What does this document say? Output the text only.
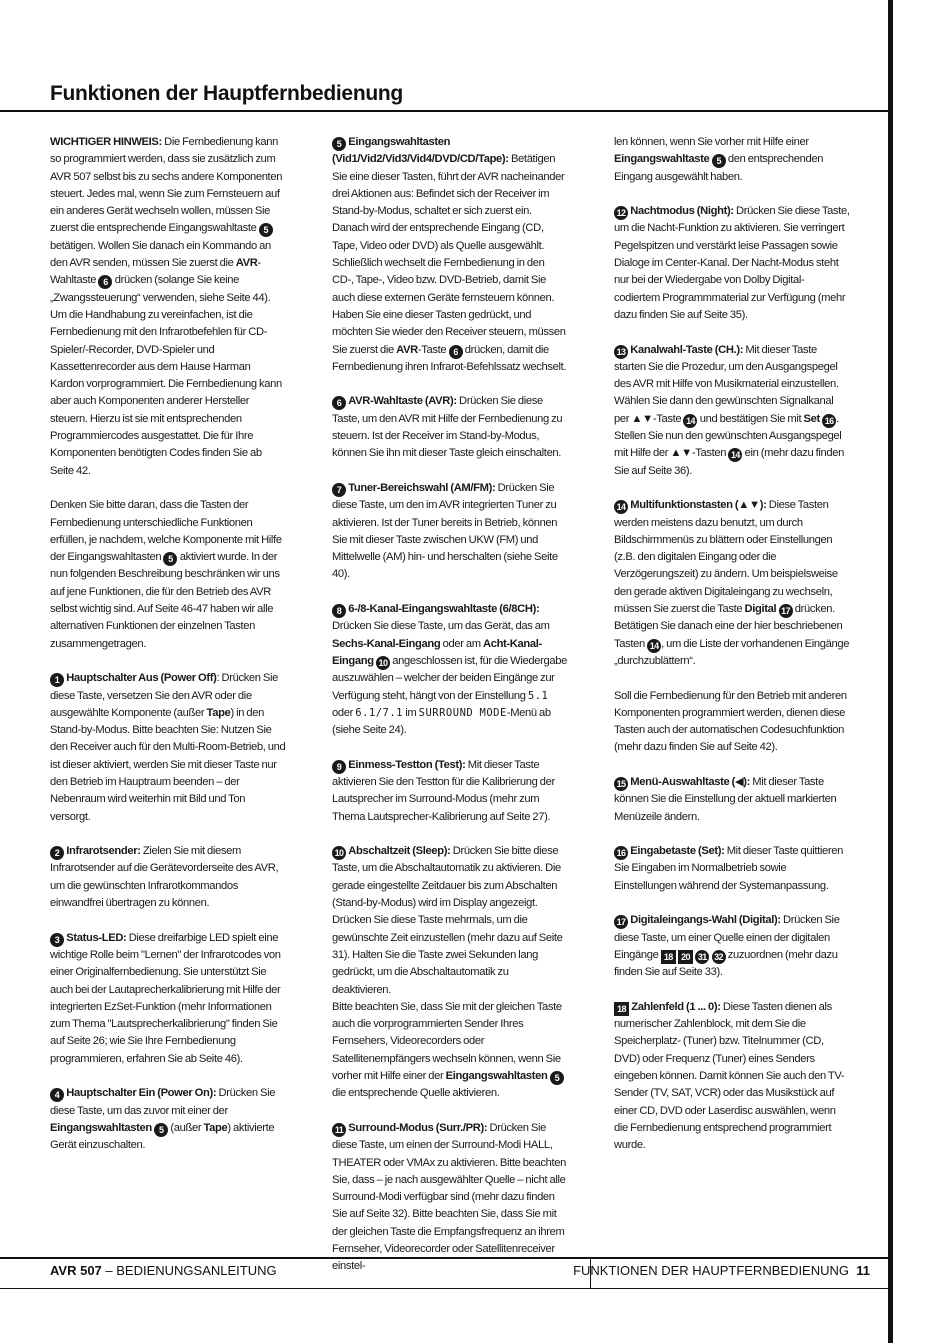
Funktionen der Hauptfernbedienung

WICHTIGER HINWEIS: Die Fernbedienung kann so programmiert werden, dass sie zusätzlich zum AVR 507 selbst bis zu sechs andere Komponenten steuert. Jedes mal, wenn Sie zum Fernsteuern auf ein anderes Gerät wechseln wollen, müssen Sie zuerst die entsprechende Eingangswahltaste 5 betätigen. Wollen Sie danach ein Kommando an den AVR senden, müssen Sie zuerst die AVR-Wahltaste 6 drücken (solange Sie keine „Zwangssteuerung“ verwenden, siehe Seite 44).
Um die Handhabung zu vereinfachen, ist die Fernbedienung mit den Infrarotbefehlen für CD-Spieler/-Recorder, DVD-Spieler und Kassettenrecorder aus dem Hause Harman Kardon vorprogrammiert. Die Fernbedienung kann aber auch Komponenten anderer Hersteller steuern. Hierzu ist sie mit entsprechenden Programmiercodes ausgestattet. Die für Ihre Komponenten benötigten Codes finden Sie ab Seite 42.

Denken Sie bitte daran, dass die Tasten der Fernbedienung unterschiedliche Funktionen erfüllen, je nachdem, welche Komponente mit Hilfe der Eingangswahltasten 5 aktiviert wurde. In der nun folgenden Beschreibung beschränken wir uns auf jene Funktionen, die für den Betrieb des AVR selbst wichtig sind. Auf Seite 46-47 haben wir alle alternativen Funktionen der einzelnen Tasten zusammengetragen.

1 Hauptschalter Aus (Power Off): Drücken Sie diese Taste, versetzen Sie den AVR oder die ausgewählte Komponente (außer Tape) in den Stand-by-Modus. Bitte beachten Sie: Nutzen Sie den Receiver auch für den Multi-Room-Betrieb, und ist dieser aktiviert, werden Sie mit dieser Taste nur den Betrieb im Hauptraum beenden – der Nebenraum wird weiterhin mit Bild und Ton versorgt.

2 Infrarotsender: Zielen Sie mit diesem Infrarotsender auf die Gerätevorderseite des AVR, um die gewünschten Infrarotkommandos einwandfrei übertragen zu können.

3 Status-LED: Diese dreifarbige LED spielt eine wichtige Rolle beim "Lernen" der Infrarotcodes von einer Originalfernbedienung. Sie unterstützt Sie auch bei der Lautaprecherkalibrierung mit Hilfe der integrierten EzSet-Funktion (mehr Informationen zum Thema "Lautsprecherkalibrierung" finden Sie auf Seite 26; wie Sie Ihre Fernbedienung programmieren, erfahren Sie ab Seite 46).

4 Hauptschalter Ein (Power On): Drücken Sie diese Taste, um das zuvor mit einer der Eingangswahltasten 5 (außer Tape) aktivierte Gerät einzuschalten.

5 Eingangswahltasten (Vid1/Vid2/Vid3/Vid4/DVD/CD/Tape): Betätigen Sie eine dieser Tasten, führt der AVR nacheinander drei Aktionen aus: Befindet sich der Receiver im Stand-by-Modus, schaltet er sich zuerst ein. Danach wird der entsprechende Eingang (CD, Tape, Video oder DVD) als Quelle ausgewählt. Schließlich wechselt die Fernbedienung in den CD-, Tape-, Video bzw. DVD-Betrieb, damit Sie auch diese externen Geräte fernsteuern können. Haben Sie eine dieser Tasten gedrückt, und möchten Sie wieder den Receiver steuern, müssen Sie zuerst die AVR-Taste 6 drücken, damit die Fernbedienung ihren Infrarot-Befehlssatz wechselt.

6 AVR-Wahltaste (AVR): Drücken Sie diese Taste, um den AVR mit Hilfe der Fernbedienung zu steuern. Ist der Receiver im Stand-by-Modus, können Sie ihn mit dieser Taste gleich einschalten.

7 Tuner-Bereichswahl (AM/FM): Drücken Sie diese Taste, um den im AVR integrierten Tuner zu aktivieren. Ist der Tuner bereits in Betrieb, können Sie mit dieser Taste zwischen UKW (FM) und Mittelwelle (AM) hin- und herschalten (siehe Seite 40).

8 6-/8-Kanal-Eingangswahltaste (6/8CH): Drücken Sie diese Taste, um das Gerät, das am Sechs-Kanal-Eingang oder am Acht-Kanal-Eingang 10 angeschlossen ist, für die Wiedergabe auszuwählen – welcher der beiden Eingänge zur Verfügung steht, hängt von der Einstellung 5.1 oder 6.1/7.1 im SURROUND MODE-Menü ab (siehe Seite 24).

9 Einmess-Testton (Test): Mit dieser Taste aktivieren Sie den Testton für die Kalibrierung der Lautsprecher im Surround-Modus (mehr zum Thema Lautsprecher-Kalibrierung auf Seite 27).

10 Abschaltzeit (Sleep): Drücken Sie bitte diese Taste, um die Abschaltautomatik zu aktivieren. Die gerade eingestellte Zeitdauer bis zum Abschalten (Stand-by-Modus) wird im Display angezeigt. Drücken Sie diese Taste mehrmals, um die gewünschte Zeit einzustellen (mehr dazu auf Seite 31). Halten Sie die Taste zwei Sekunden lang gedrückt, um die Abschaltautomatik zu deaktivieren.
Bitte beachten Sie, dass Sie mit der gleichen Taste auch die vorprogrammierten Sender Ihres Fernsehers, Videorecorders oder Satellitenempfängers wechseln können, wenn Sie vorher mit Hilfe einer der Eingangswahltasten 5 die entsprechende Quelle aktivieren.

11 Surround-Modus (Surr./PR): Drücken Sie diese Taste, um einen der Surround-Modi HALL, THEATER oder VMAx zu aktivieren. Bitte beachten Sie, dass – je nach ausgewählter Quelle – nicht alle Surround-Modi verfügbar sind (mehr dazu finden Sie auf Seite 32). Bitte beachten Sie, dass Sie mit der gleichen Taste die Empfangsfrequenz an ihrem Fernseher, Videorecorder oder Satellitenreceiver einstel-

len können, wenn Sie vorher mit Hilfe einer Eingangswahltaste 5 den entsprechenden Eingang ausgewählt haben.

12 Nachtmodus (Night): Drücken Sie diese Taste, um die Nacht-Funktion zu aktivieren. Sie verringert Pegelspitzen und verstärkt leise Passagen sowie Dialoge im Center-Kanal. Der Nacht-Modus steht nur bei der Wiedergabe von Dolby Digital-codiertem Programmmaterial zur Verfügung (mehr dazu finden Sie auf Seite 35).

13 Kanalwahl-Taste (CH.): Mit dieser Taste starten Sie die Prozedur, um den Ausgangspegel des AVR mit Hilfe von Musikmaterial einzustellen. Wählen Sie dann den gewünschten Signalkanal per ▲▼-Taste 14 und bestätigen Sie mit Set 16 . Stellen Sie nun den gewünschten Ausgangspegel mit Hilfe der ▲▼-Tasten 14 ein (mehr dazu finden Sie auf Seite 36).

14 Multifunktionstasten (▲▼): Diese Tasten werden meistens dazu benutzt, um durch Bildschirmmenüs zu blättern oder Einstellungen (z.B. den digitalen Eingang oder die Verzögerungszeit) zu ändern. Um beispielsweise den gerade aktiven Digitaleingang zu wechseln, müssen Sie zuerst die Taste Digital 17 drücken. Betätigen Sie danach eine der hier beschriebenen Tasten 14 , um die Liste der vorhandenen Eingänge „durchzublättern“.

Soll die Fernbedienung für den Betrieb mit anderen Komponenten programmiert werden, dienen diese Tasten auch der automatischen Codesuchfunktion (mehr dazu finden Sie auf Seite 42).

15 Menü-Auswahltaste (◀): Mit dieser Taste können Sie die Einstellung der aktuell markierten Menüzeile ändern.

16 Eingabetaste (Set): Mit dieser Taste quittieren Sie Eingaben im Normalbetrieb sowie Einstellungen während der Systemanpassung.

17 Digitaleingangs-Wahl (Digital): Drücken Sie diese Taste, um einer Quelle einen der digitalen Eingänge 18 20 31 32 zuzuordnen (mehr dazu finden Sie auf Seite 33).

18 Zahlenfeld (1 ... 0): Diese Tasten dienen als numerischer Zahlenblock, mit dem Sie die Speicherplatz- (Tuner) bzw. Titelnummer (CD, DVD) oder Frequenz (Tuner) eines Senders eingeben können. Damit können Sie auch den TV-Sender (TV, SAT, VCR) oder das Musikstück auf einer CD, DVD oder Laserdisc auswählen, wenn die Fernbedienung entsprechend programmiert wurde.

AVR 507 – BEDIENUNGSANLEITUNG	FUNKTIONEN DER HAUPTFERNBEDIENUNG 11
